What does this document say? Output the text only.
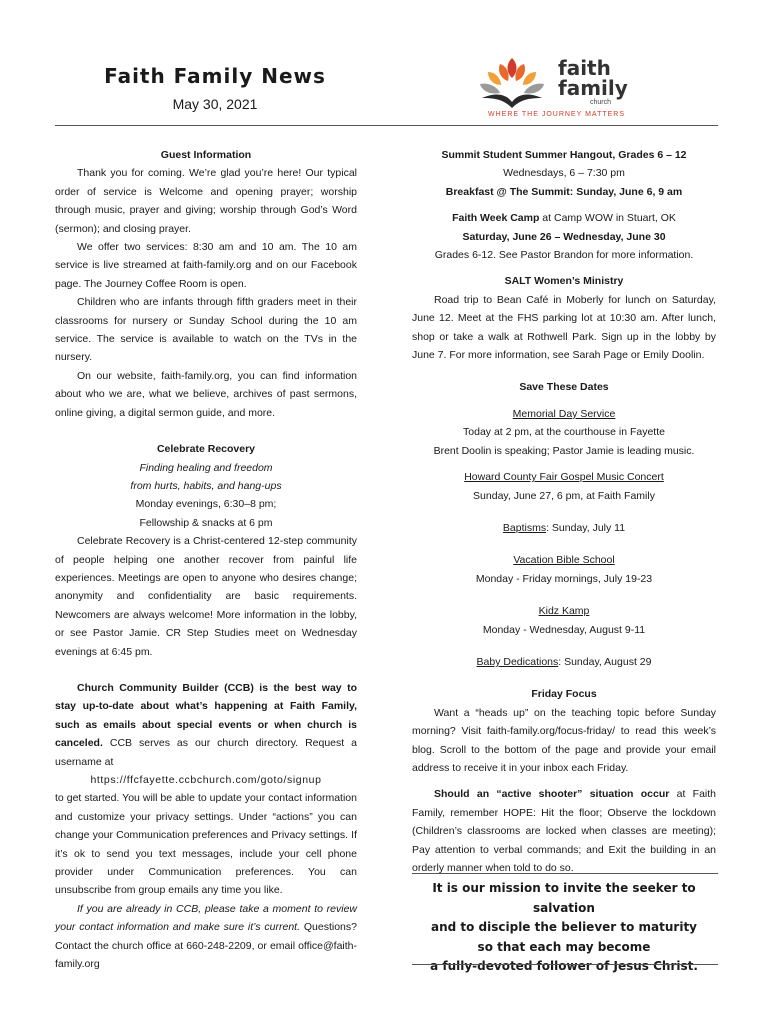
Faith Family News
May 30, 2021
faith
family
church
WHERE THE JOURNEY MATTERS

Guest Information

Thank you for coming. We’re glad you’re here! Our typical order of service is Welcome and opening prayer; worship through music, prayer and giving; worship through God’s Word (sermon); and closing prayer.

We offer two services: 8:30 am and 10 am. The 10 am service is live streamed at faith-family.org and on our Facebook page. The Journey Coffee Room is open.

Children who are infants through fifth graders meet in their classrooms for nursery or Sunday School during the 10 am service. The service is available to watch on the TVs in the nursery.

On our website, faith-family.org, you can find information about who we are, what we believe, archives of past sermons, online giving, a digital sermon guide, and more.

Celebrate Recovery

Finding healing and freedom

from hurts, habits, and hang-ups

Monday evenings, 6:30–8 pm;

Fellowship & snacks at 6 pm

Celebrate Recovery is a Christ-centered 12-step community of people helping one another recover from painful life experiences. Meetings are open to anyone who desires change; anonymity and confidentiality are basic requirements. Newcomers are always welcome! More information in the lobby, or see Pastor Jamie. CR Step Studies meet on Wednesday evenings at 6:45 pm.

Church Community Builder (CCB) is the best way to stay up-to-date about what’s happening at Faith Family, such as emails about special events or when church is canceled. CCB serves as our church directory. Request a username at

https://ffcfayette.ccbchurch.com/goto/signup

to get started. You will be able to update your contact information and customize your privacy settings. Under “actions” you can change your Communication preferences and Privacy settings. If it’s ok to send you text messages, include your cell phone provider under Communication preferences. You can unsubscribe from group emails any time you like.

If you are already in CCB, please take a moment to review your contact information and make sure it’s current. Questions? Contact the church office at 660-248-2209, or email office@faith-family.org

Summit Student Summer Hangout, Grades 6 – 12

Wednesdays, 6 – 7:30 pm

Breakfast @ The Summit: Sunday, June 6, 9 am

Faith Week Camp at Camp WOW in Stuart, OK

Saturday, June 26 – Wednesday, June 30

Grades 6-12. See Pastor Brandon for more information.

SALT Women’s Ministry

Road trip to Bean Café in Moberly for lunch on Saturday, June 12. Meet at the FHS parking lot at 10:30 am. After lunch, shop or take a walk at Rothwell Park. Sign up in the lobby by June 7. For more information, see Sarah Page or Emily Doolin.

Save These Dates

Memorial Day Service

Today at 2 pm, at the courthouse in Fayette

Brent Doolin is speaking; Pastor Jamie is leading music.

Howard County Fair Gospel Music Concert

Sunday, June 27, 6 pm, at Faith Family

Baptisms: Sunday, July 11

Vacation Bible School

Monday - Friday mornings, July 19-23

Kidz Kamp

Monday - Wednesday, August 9-11

Baby Dedications: Sunday, August 29

Friday Focus

Want a “heads up” on the teaching topic before Sunday morning? Visit faith-family.org/focus-friday/ to read this week’s blog. Scroll to the bottom of the page and provide your email address to receive it in your inbox each Friday.

Should an “active shooter” situation occur at Faith Family, remember HOPE: Hit the floor; Observe the lockdown (Children’s classrooms are locked when classes are meeting); Pay attention to verbal commands; and Exit the building in an orderly manner when told to do so.

It is our mission to invite the seeker to salvation
and to disciple the believer to maturity
so that each may become
a fully-devoted follower of Jesus Christ.
